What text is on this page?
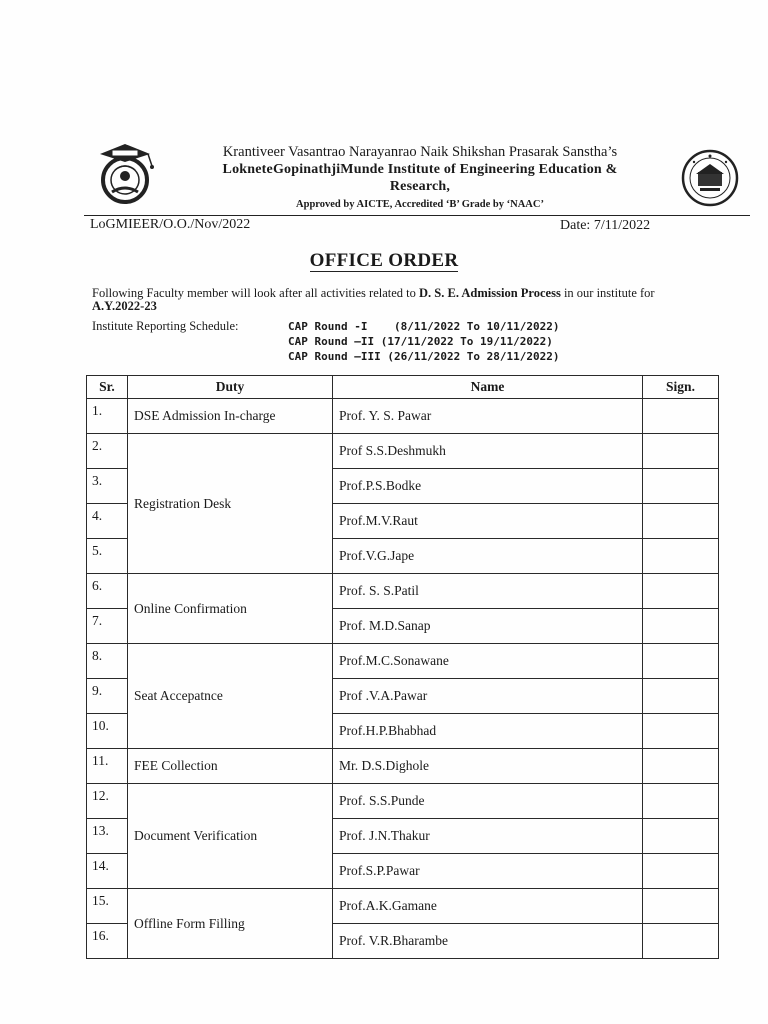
Krantiveer Vasantrao Narayanrao Naik Shikshan Prasarak Sanstha’s
LokneteGopinathjiMunde Institute of Engineering Education &
Research,
Approved by AICTE, Accredited ‘B’ Grade by ‘NAAC’
LoGMIEER/O.O./Nov/2022	Date: 7/11/2022
OFFICE ORDER
Following Faculty member will look after all activities related to D. S. E. Admission Process in our institute for A.Y.2022-23
Institute Reporting Schedule:	CAP Round -I    (8/11/2022 To 10/11/2022)
CAP Round –II (17/11/2022 To 19/11/2022)
CAP Round –III (26/11/2022 To 28/11/2022)
Sr.	Duty	Name	Sign.
1.	DSE Admission In-charge	Prof. Y. S. Pawar	
2.	Registration Desk	Prof S.S.Deshmukh	
3.		Prof.P.S.Bodke	
4.		Prof.M.V.Raut	
5.		Prof.V.G.Jape	
6.	Online Confirmation	Prof. S. S.Patil	
7.		Prof. M.D.Sanap	
8.	Seat Accepatnce	Prof.M.C.Sonawane	
9.		Prof .V.A.Pawar	
10.		Prof.H.P.Bhabhad	
11.	FEE Collection	Mr. D.S.Dighole	
12.	Document Verification	Prof. S.S.Punde	
13.		Prof. J.N.Thakur	
14.		Prof.S.P.Pawar	
15.	Offline Form Filling	Prof.A.K.Gamane	
16.		Prof. V.R.Bharambe	
